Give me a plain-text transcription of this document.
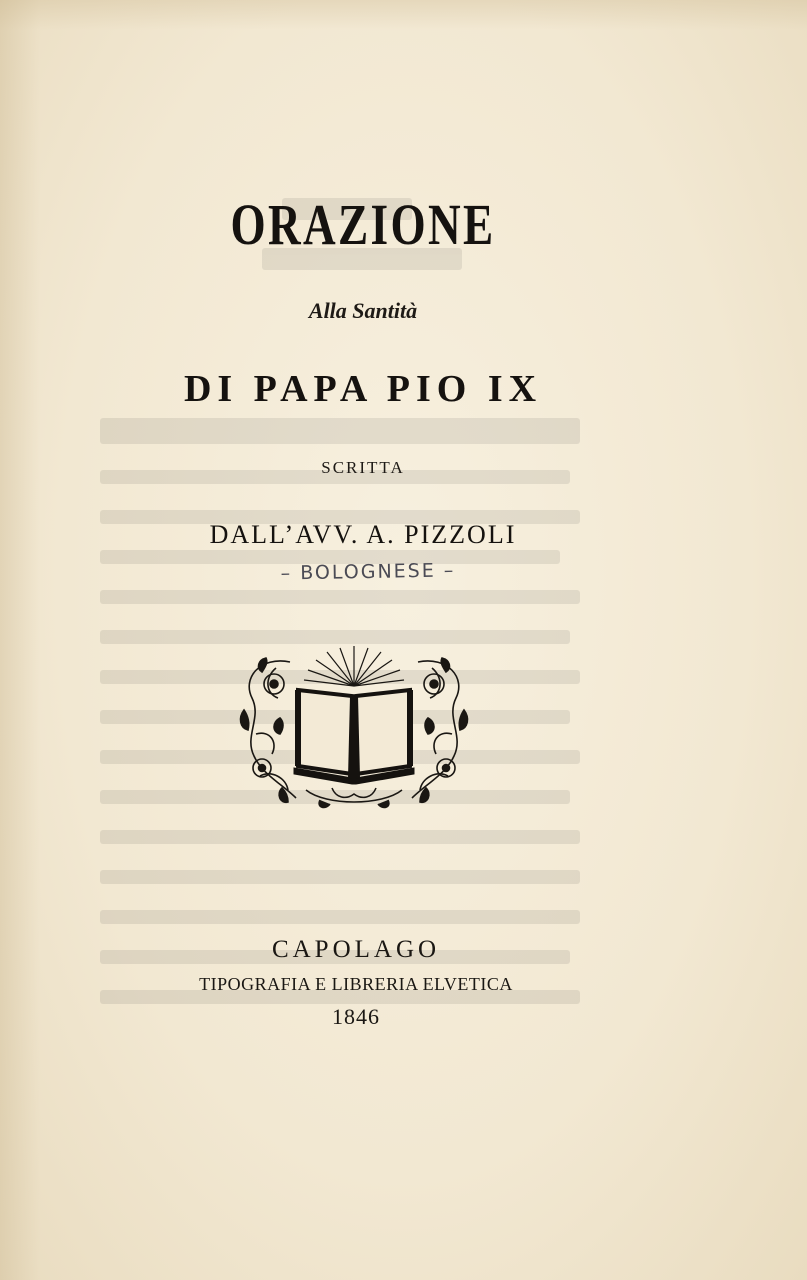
ORAZIONE
Alla Santità
DI PAPA PIO IX
SCRITTA
DALL’AVV. A. PIZZOLI
– BOLOGNESE –
CAPOLAGO
TIPOGRAFIA E LIBRERIA ELVETICA
1846
